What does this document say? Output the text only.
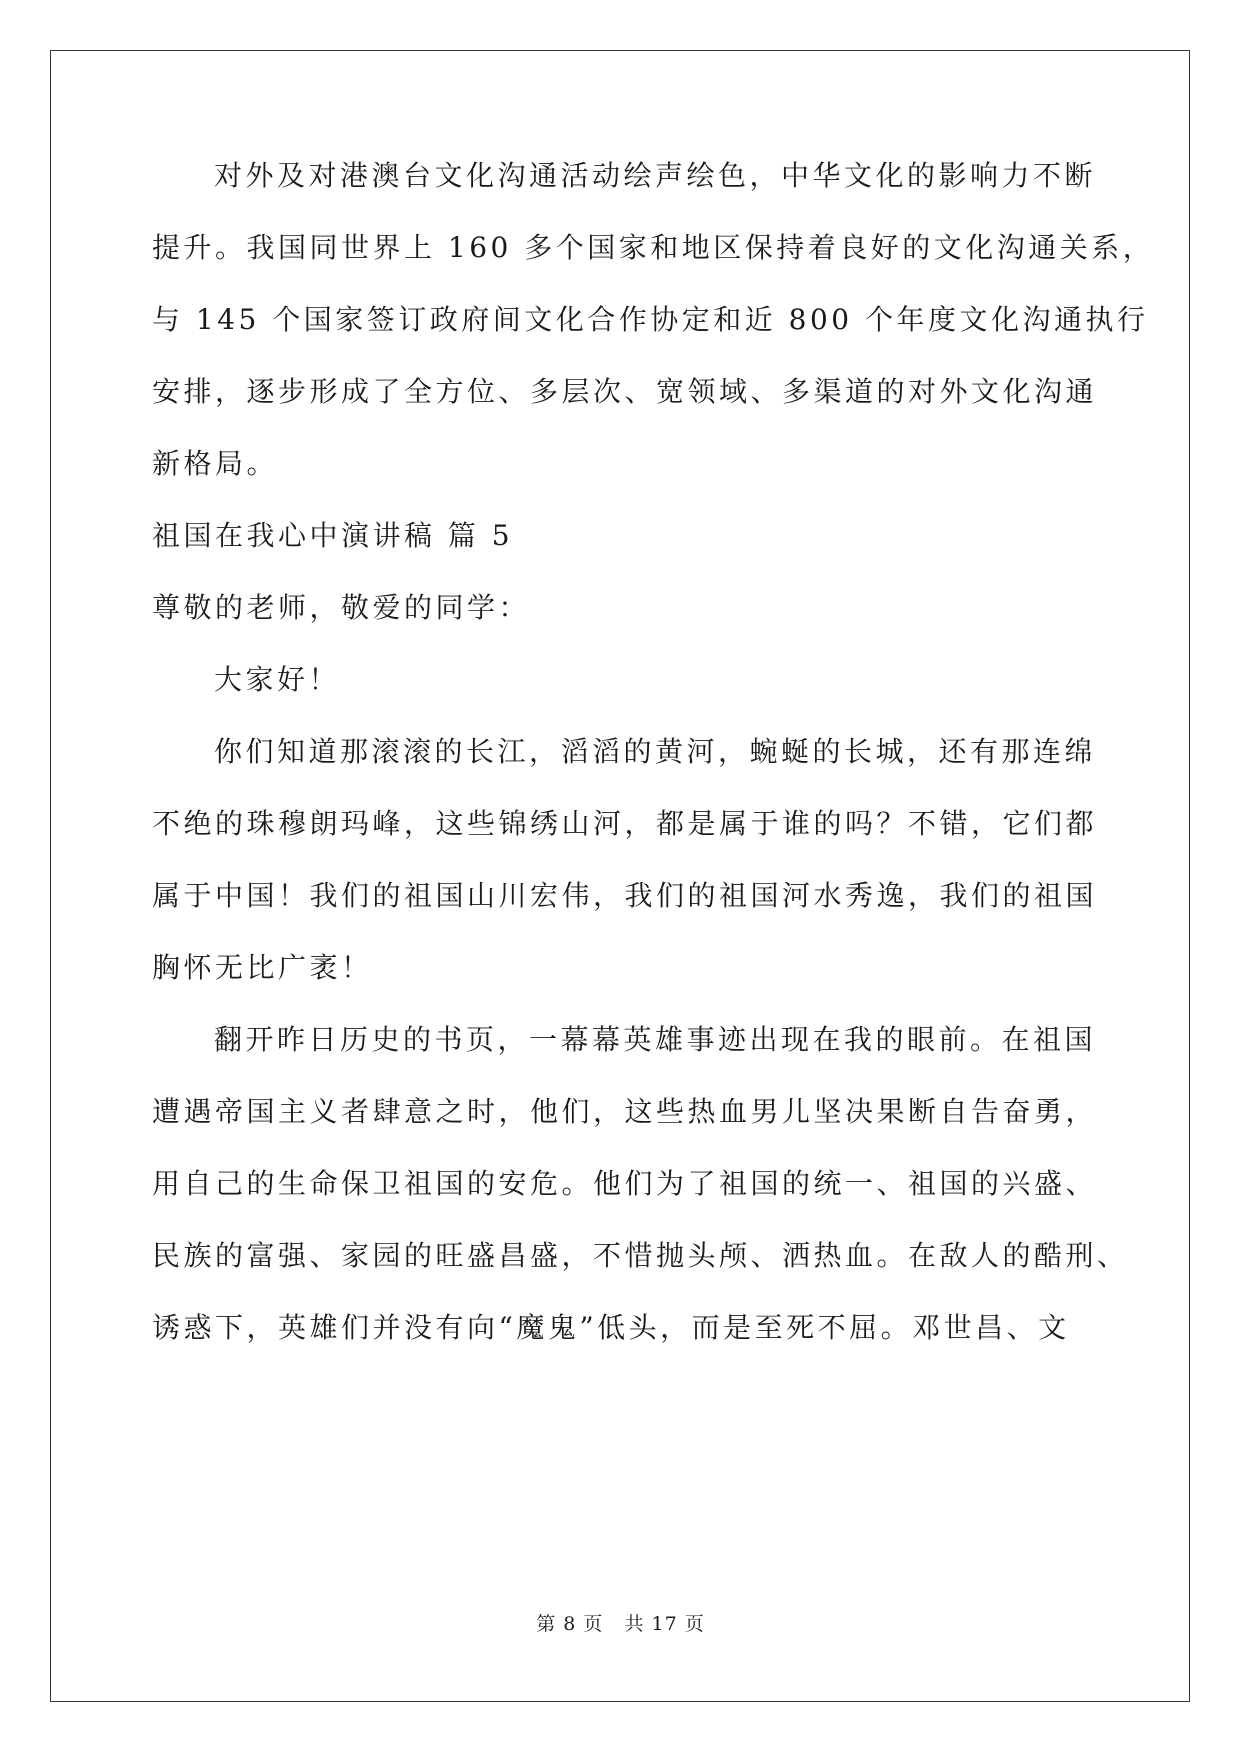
对外及对港澳台文化沟通活动绘声绘色，中华文化的影响力不断
提升。我国同世界上 160 多个国家和地区保持着良好的文化沟通关系，
与 145 个国家签订政府间文化合作协定和近 800 个年度文化沟通执行
安排，逐步形成了全方位、多层次、宽领域、多渠道的对外文化沟通
新格局。
祖国在我心中演讲稿 篇 5
尊敬的老师，敬爱的同学：
大家好！
你们知道那滚滚的长江，滔滔的黄河，蜿蜒的长城，还有那连绵
不绝的珠穆朗玛峰，这些锦绣山河，都是属于谁的吗？不错，它们都
属于中国！我们的祖国山川宏伟，我们的祖国河水秀逸，我们的祖国
胸怀无比广袤！
翻开昨日历史的书页，一幕幕英雄事迹出现在我的眼前。在祖国
遭遇帝国主义者肆意之时，他们，这些热血男儿坚决果断自告奋勇，
用自己的生命保卫祖国的安危。他们为了祖国的统一、祖国的兴盛、
民族的富强、家园的旺盛昌盛，不惜抛头颅、洒热血。在敌人的酷刑、
诱惑下，英雄们并没有向“魔鬼”低头，而是至死不屈。邓世昌、文
第 8 页   共 17 页
